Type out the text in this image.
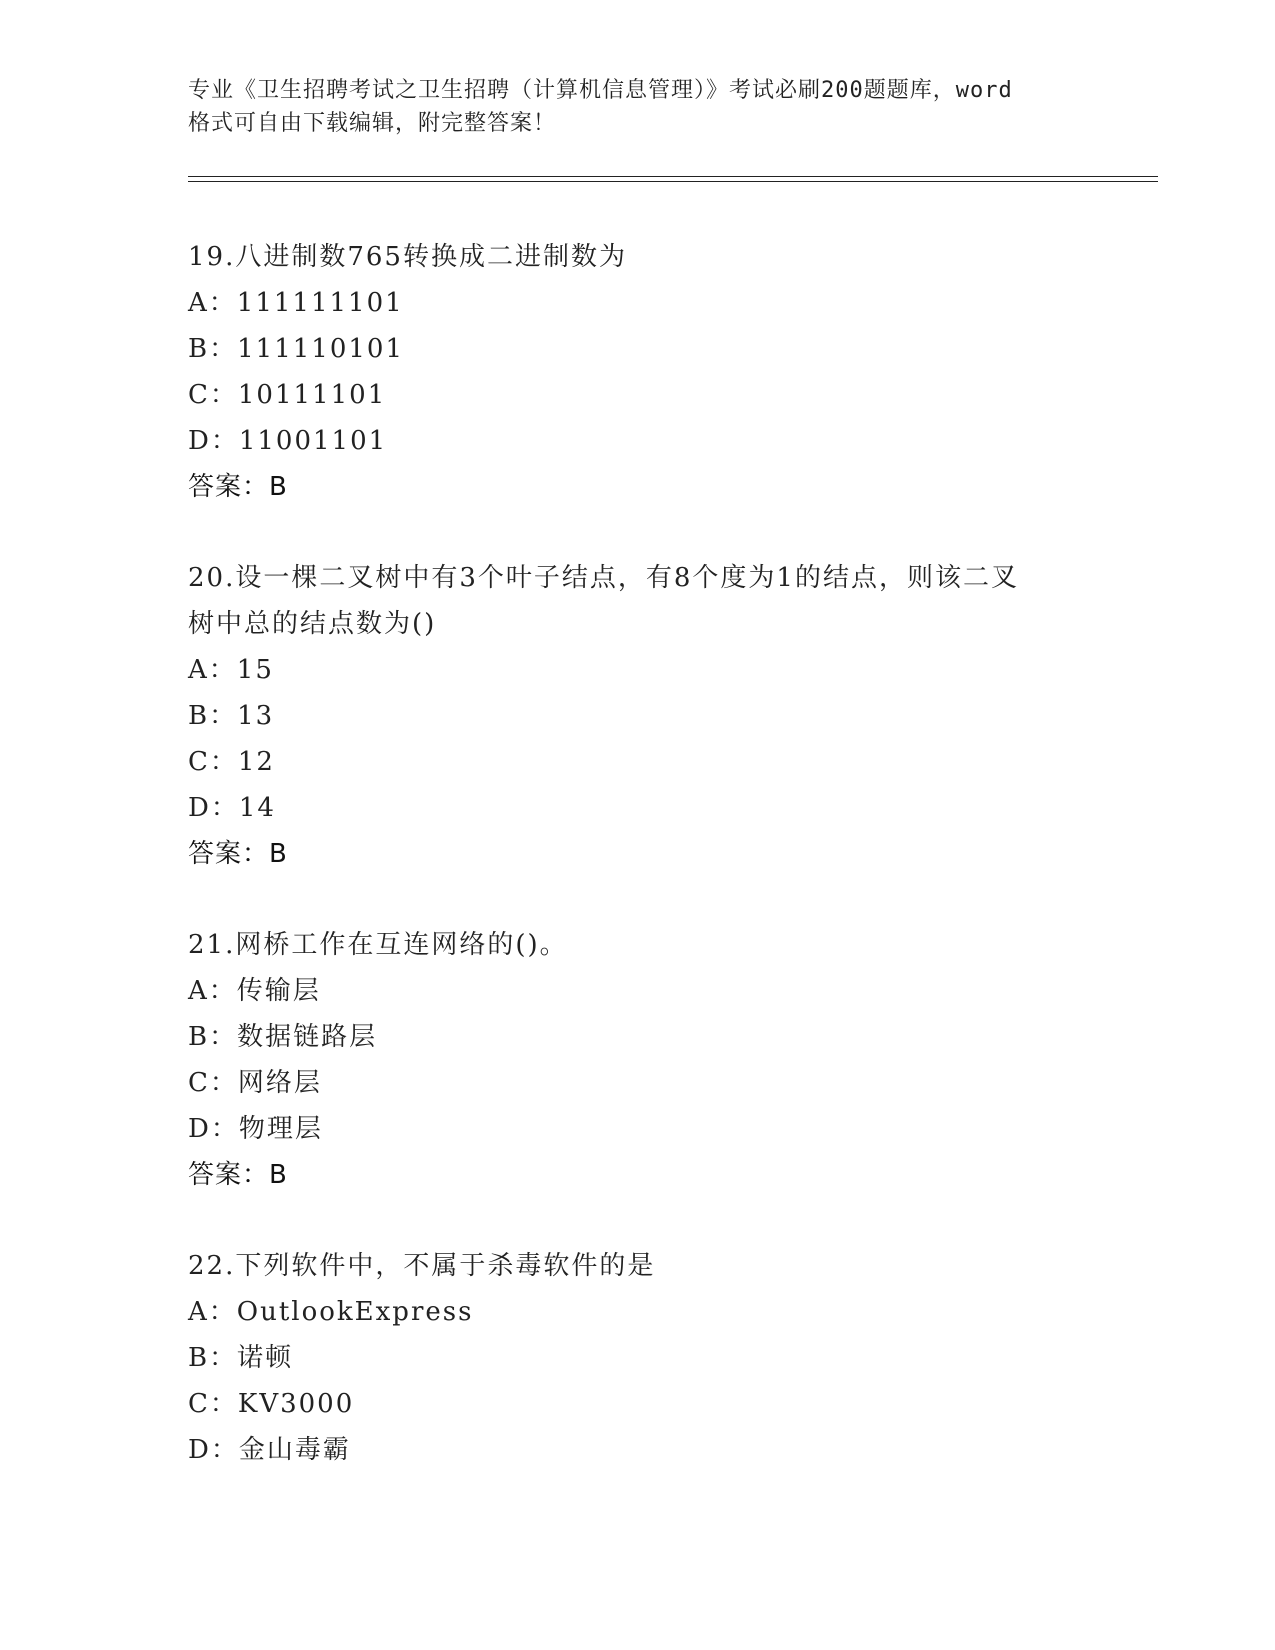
专业《卫生招聘考试之卫生招聘（计算机信息管理）》考试必刷200题题库，word
格式可自由下载编辑，附完整答案！

19.八进制数765转换成二进制数为

A：111111101

B：111110101

C：10111101

D：11001101

答案：B

20.设一棵二叉树中有3个叶子结点，有8个度为1的结点，则该二叉

树中总的结点数为()

A：15

B：13

C：12

D：14

答案：B

21.网桥工作在互连网络的()。

A：传输层

B：数据链路层

C：网络层

D：物理层

答案：B

22.下列软件中，不属于杀毒软件的是

A：OutlookExpress

B：诺顿

C：KV3000

D：金山毒霸
